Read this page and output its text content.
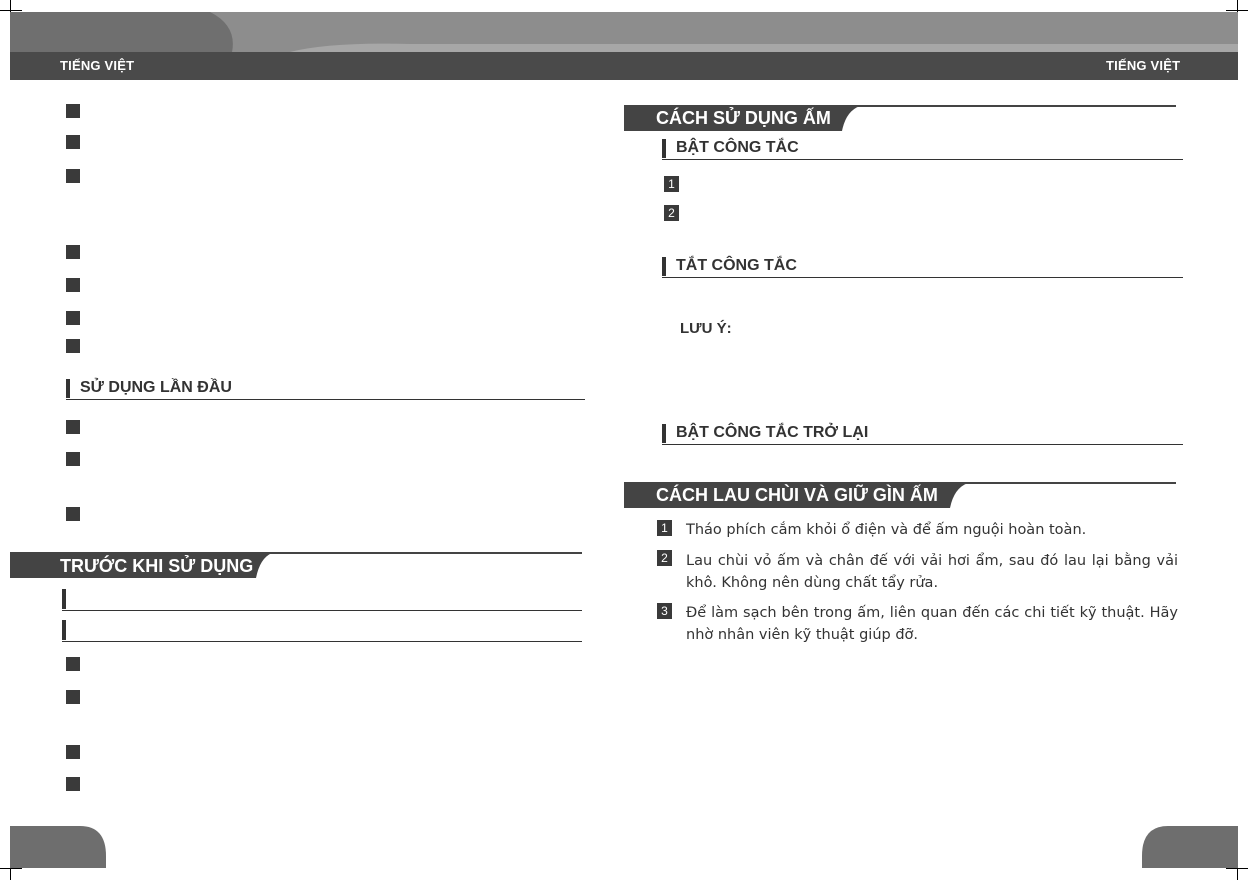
TIẾNG VIỆT	TIẾNG VIỆT
SỬ DỤNG LẦN ĐẦU
TRƯỚC KHI SỬ DỤNG
CÁCH SỬ DỤNG ẤM
BẬT CÔNG TẮC
1
2
TẮT CÔNG TẮC
LƯU Ý:
BẬT CÔNG TẮC TRỞ LẠI
CÁCH LAU CHÙI VÀ GIỮ GÌN ẤM
1 Tháo phích cắm khỏi ổ điện và để ấm nguội hoàn toàn.
2 Lau chùi vỏ ấm và chân đế với vải hơi ẩm, sau đó lau lại bằng vải khô. Không nên dùng chất tẩy rửa.
3 Để làm sạch bên trong ấm, liên quan đến các chi tiết kỹ thuật. Hãy nhờ nhân viên kỹ thuật giúp đỡ.
